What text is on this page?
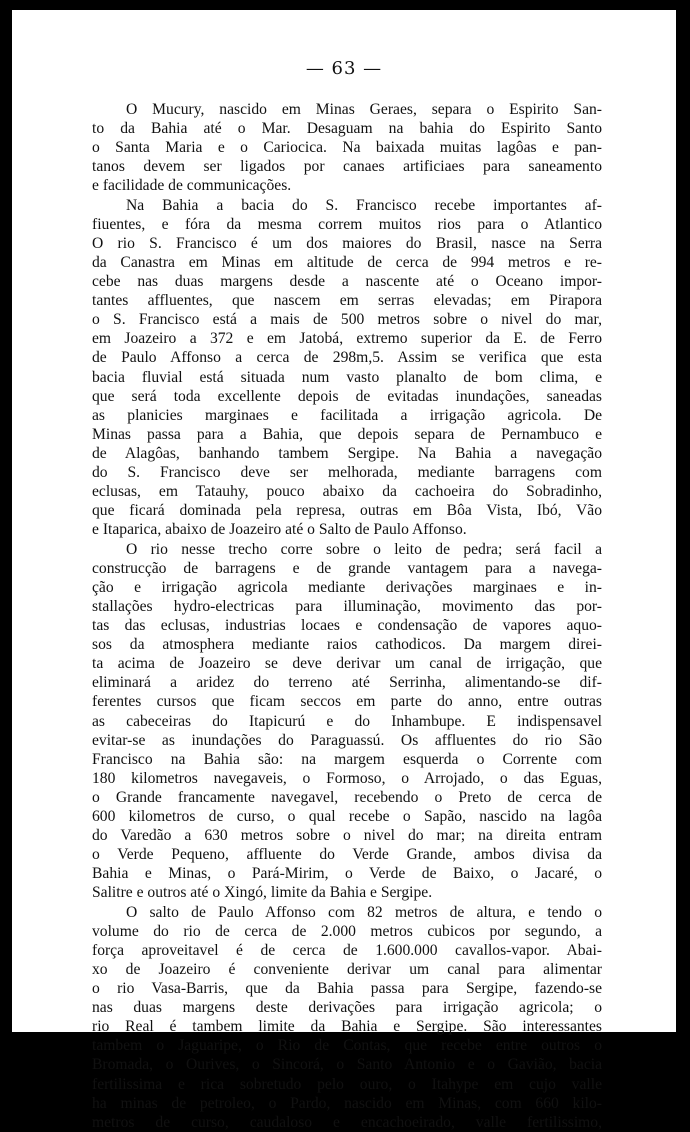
— 63 —
O Mucury, nascido em Minas Geraes, separa o Espirito San-
to da Bahia até o Mar. Desaguam na bahia do Espirito Santo
o Santa Maria e o Cariocica. Na baixada muitas lagôas e pan-
tanos devem ser ligados por canaes artificiaes para saneamento
e facilidade de communicações.
Na Bahia a bacia do S. Francisco recebe importantes af-
fiuentes, e fóra da mesma correm muitos rios para o Atlantico
O rio S. Francisco é um dos maiores do Brasil, nasce na Serra
da Canastra em Minas em altitude de cerca de 994 metros e re-
cebe nas duas margens desde a nascente até o Oceano impor-
tantes affluentes, que nascem em serras elevadas; em Pirapora
o S. Francisco está a mais de 500 metros sobre o nivel do mar,
em Joazeiro a 372 e em Jatobá, extremo superior da E. de Ferro
de Paulo Affonso a cerca de 298m,5. Assim se verifica que esta
bacia fluvial está situada num vasto planalto de bom clima, e
que será toda excellente depois de evitadas inundações, saneadas
as planicies marginaes e facilitada a irrigação agricola. De
Minas passa para a Bahia, que depois separa de Pernambuco e
de Alagôas, banhando tambem Sergipe. Na Bahia a navegação
do S. Francisco deve ser melhorada, mediante barragens com
eclusas, em Tatauhy, pouco abaixo da cachoeira do Sobradinho,
que ficará dominada pela represa, outras em Bôa Vista, Ibó, Vão
e Itaparica, abaixo de Joazeiro até o Salto de Paulo Affonso.
O rio nesse trecho corre sobre o leito de pedra; será facil a
construcção de barragens e de grande vantagem para a navega-
ção e irrigação agricola mediante derivações marginaes e in-
stallações hydro-electricas para illuminação, movimento das por-
tas das eclusas, industrias locaes e condensação de vapores aquo-
sos da atmosphera mediante raios cathodicos. Da margem direi-
ta acima de Joazeiro se deve derivar um canal de irrigação, que
eliminará a aridez do terreno até Serrinha, alimentando-se dif-
ferentes cursos que ficam seccos em parte do anno, entre outras
as cabeceiras do Itapicurú e do Inhambupe. E indispensavel
evitar-se as inundações do Paraguassú. Os affluentes do rio São
Francisco na Bahia são: na margem esquerda o Corrente com
180 kilometros navegaveis, o Formoso, o Arrojado, o das Eguas,
o Grande francamente navegavel, recebendo o Preto de cerca de
600 kilometros de curso, o qual recebe o Sapão, nascido na lagôa
do Varedão a 630 metros sobre o nivel do mar; na direita entram
o Verde Pequeno, affluente do Verde Grande, ambos divisa da
Bahia e Minas, o Pará-Mirim, o Verde de Baixo, o Jacaré, o
Salitre e outros até o Xingó, limite da Bahia e Sergipe.
O salto de Paulo Affonso com 82 metros de altura, e tendo o
volume do rio de cerca de 2.000 metros cubicos por segundo, a
força aproveitavel é de cerca de 1.600.000 cavallos-vapor. Abai-
xo de Joazeiro é conveniente derivar um canal para alimentar
o rio Vasa-Barris, que da Bahia passa para Sergipe, fazendo-se
nas duas margens deste derivações para irrigação agricola; o
rio Real é tambem limite da Bahia e Sergipe. São interessantes
tambem o Jaguaripe, o Rio de Contas, que recebe entre outros o
Bromada, o Ourives, o Sincorá, o Santo Antonio e o Gavião, bacia
fertilissima e rica sobretudo pelo ouro, o Itahype em cujo valle
ha minas de petroleo, o Pardo, nascido em Minas, com 660 kilo-
metros de curso, caudaloso e encachoeirado, valle fertilissimo,
